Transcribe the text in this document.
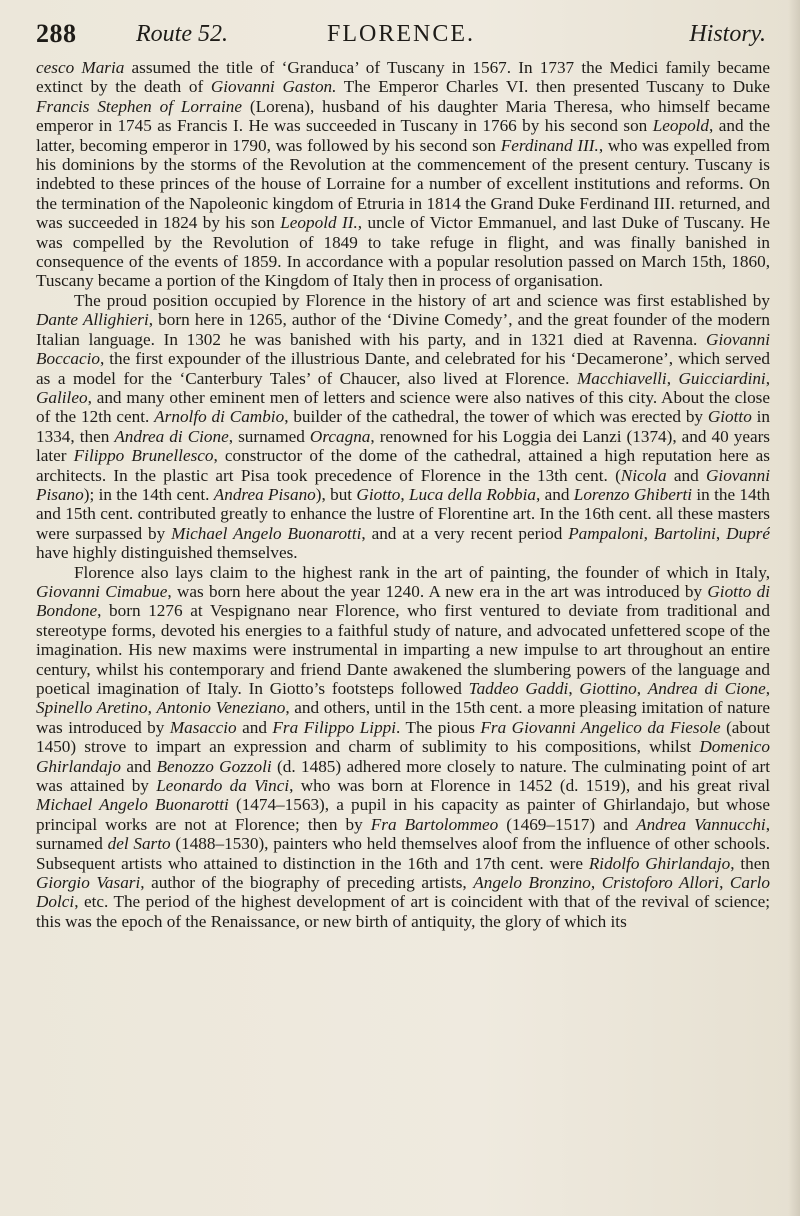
288 Route 52.	FLORENCE.	History.

cesco Maria assumed the title of ‘Granduca’ of Tuscany in 1567. In 1737 the Medici family became extinct by the death of Giovanni Gaston. The Emperor Charles VI. then presented Tuscany to Duke Francis Stephen of Lorraine (Lorena), husband of his daughter Maria Theresa, who himself became emperor in 1745 as Francis I. He was succeeded in Tuscany in 1766 by his second son Leopold, and the latter, becoming emperor in 1790, was followed by his second son Ferdinand III., who was expelled from his dominions by the storms of the Revolution at the commencement of the present century. Tuscany is indebted to these princes of the house of Lorraine for a number of excellent institutions and reforms. On the termination of the Napoleonic kingdom of Etruria in 1814 the Grand Duke Ferdinand III. returned, and was succeeded in 1824 by his son Leopold II., uncle of Victor Emmanuel, and last Duke of Tuscany. He was compelled by the Revolution of 1849 to take refuge in flight, and was finally banished in consequence of the events of 1859. In accordance with a popular resolution passed on March 15th, 1860, Tuscany became a portion of the Kingdom of Italy then in process of organisation.

The proud position occupied by Florence in the history of art and science was first established by Dante Allighieri, born here in 1265, author of the ‘Divine Comedy’, and the great founder of the modern Italian language. In 1302 he was banished with his party, and in 1321 died at Ravenna. Giovanni Boccacio, the first expounder of the illustrious Dante, and celebrated for his ‘Decamerone’, which served as a model for the ‘Canterbury Tales’ of Chaucer, also lived at Florence. Macchiavelli, Guicciardini, Galileo, and many other eminent men of letters and science were also natives of this city. About the close of the 12th cent. Arnolfo di Cambio, builder of the cathedral, the tower of which was erected by Giotto in 1334, then Andrea di Cione, surnamed Orcagna, renowned for his Loggia dei Lanzi (1374), and 40 years later Filippo Brunellesco, constructor of the dome of the cathedral, attained a high reputation here as architects. In the plastic art Pisa took precedence of Florence in the 13th cent. (Nicola and Giovanni Pisano); in the 14th cent. Andrea Pisano), but Giotto, Luca della Robbia, and Lorenzo Ghiberti in the 14th and 15th cent. contributed greatly to enhance the lustre of Florentine art. In the 16th cent. all these masters were surpassed by Michael Angelo Buonarotti, and at a very recent period Pampaloni, Bartolini, Dupré have highly distinguished themselves.

Florence also lays claim to the highest rank in the art of painting, the founder of which in Italy, Giovanni Cimabue, was born here about the year 1240. A new era in the art was introduced by Giotto di Bondone, born 1276 at Vespignano near Florence, who first ventured to deviate from traditional and stereotype forms, devoted his energies to a faithful study of nature, and advocated unfettered scope of the imagination. His new maxims were instrumental in imparting a new impulse to art throughout an entire century, whilst his contemporary and friend Dante awakened the slumbering powers of the language and poetical imagination of Italy. In Giotto’s footsteps followed Taddeo Gaddi, Giottino, Andrea di Cione, Spinello Aretino, Antonio Veneziano, and others, until in the 15th cent. a more pleasing imitation of nature was introduced by Masaccio and Fra Filippo Lippi. The pious Fra Giovanni Angelico da Fiesole (about 1450) strove to impart an expression and charm of sublimity to his compositions, whilst Domenico Ghirlandajo and Benozzo Gozzoli (d. 1485) adhered more closely to nature. The culminating point of art was attained by Leonardo da Vinci, who was born at Florence in 1452 (d. 1519), and his great rival Michael Angelo Buonarotti (1474–1563), a pupil in his capacity as painter of Ghirlandajo, but whose principal works are not at Florence; then by Fra Bartolommeo (1469–1517) and Andrea Vannucchi, surnamed del Sarto (1488–1530), painters who held themselves aloof from the influence of other schools. Subsequent artists who attained to distinction in the 16th and 17th cent. were Ridolfo Ghirlandajo, then Giorgio Vasari, author of the biography of preceding artists, Angelo Bronzino, Cristoforo Allori, Carlo Dolci, etc. The period of the highest development of art is coincident with that of the revival of science; this was the epoch of the Renaissance, or new birth of antiquity, the glory of which its
